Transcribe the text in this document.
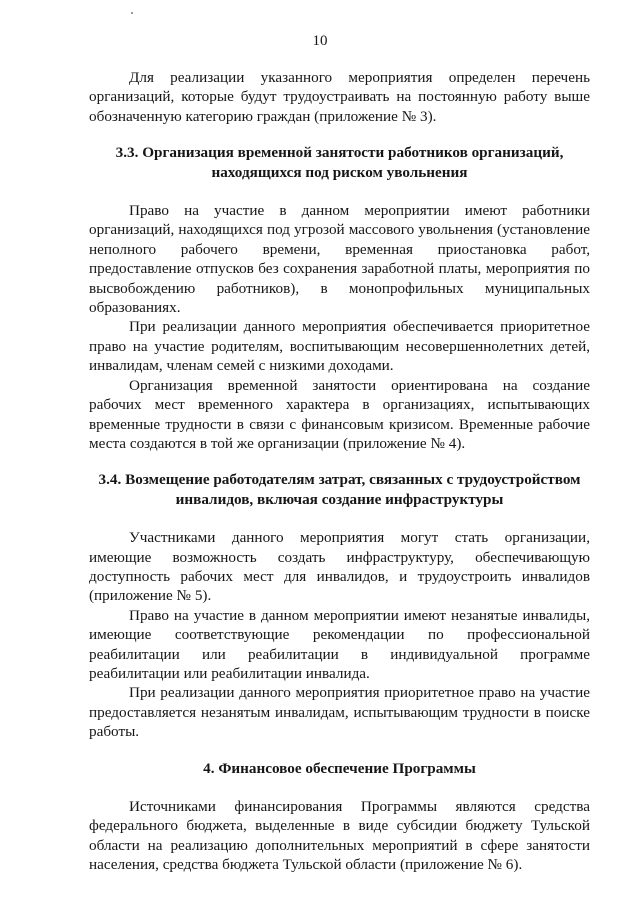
10

Для реализации указанного мероприятия определен перечень организаций, которые будут трудоустраивать на постоянную работу выше обозначенную категорию граждан (приложение № 3).

3.3. Организация временной занятости работников организаций,
находящихся под риском увольнения

Право на участие в данном мероприятии имеют работники организаций, находящихся под угрозой массового увольнения (установление неполного рабочего времени, временная приостановка работ, предоставление отпусков без сохранения заработной платы, мероприятия по высвобождению работников), в монопрофильных муниципальных образованиях.

При реализации данного мероприятия обеспечивается приоритетное право на участие родителям, воспитывающим несовершеннолетних детей, инвалидам, членам семей с низкими доходами.

Организация временной занятости ориентирована на создание рабочих мест временного характера в организациях, испытывающих временные трудности в связи с финансовым кризисом. Временные рабочие места создаются в той же организации (приложение № 4).

3.4. Возмещение работодателям затрат, связанных с трудоустройством
инвалидов, включая создание инфраструктуры

Участниками данного мероприятия могут стать организации, имеющие возможность создать инфраструктуру, обеспечивающую доступность рабочих мест для инвалидов, и трудоустроить инвалидов (приложение № 5).

Право на участие в данном мероприятии имеют незанятые инвалиды, имеющие соответствующие рекомендации по профессиональной реабилитации или реабилитации в индивидуальной программе реабилитации или реабилитации инвалида.

При реализации данного мероприятия приоритетное право на участие предоставляется незанятым инвалидам, испытывающим трудности в поиске работы.

4. Финансовое обеспечение Программы

Источниками финансирования Программы являются средства федерального бюджета, выделенные в виде субсидии бюджету Тульской области на реализацию дополнительных мероприятий в сфере занятости населения, средства бюджета Тульской области (приложение № 6).
